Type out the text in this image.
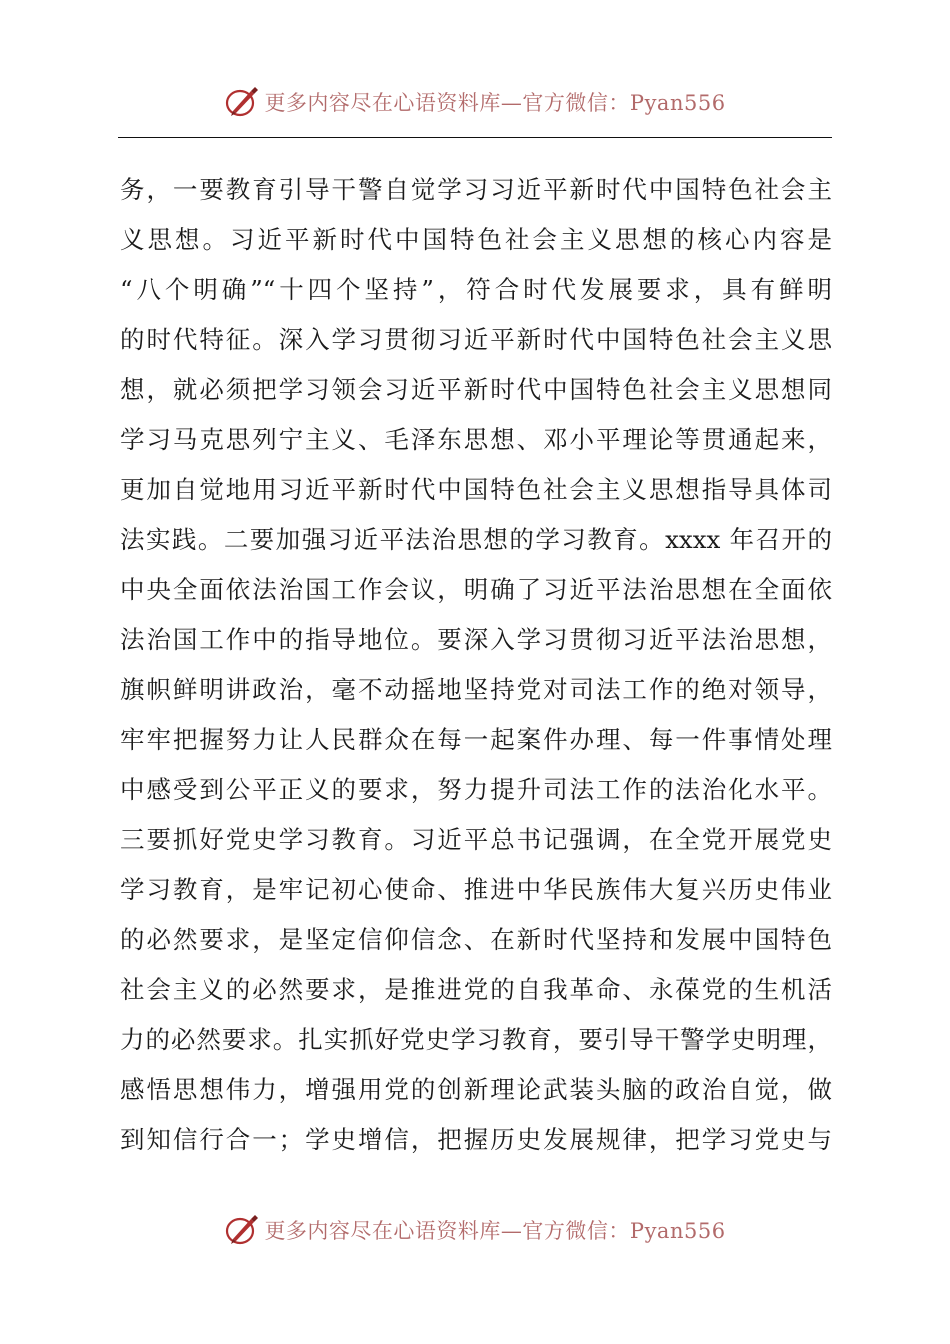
更多内容尽在心语资料库—官方微信：Pyan556
务，一要教育引导干警自觉学习习近平新时代中国特色社会主
义思想。习近平新时代中国特色社会主义思想的核心内容是
“八个明确”“十四个坚持”，符合时代发展要求，具有鲜明
的时代特征。深入学习贯彻习近平新时代中国特色社会主义思
想，就必须把学习领会习近平新时代中国特色社会主义思想同
学习马克思列宁主义、毛泽东思想、邓小平理论等贯通起来，
更加自觉地用习近平新时代中国特色社会主义思想指导具体司
法实践。二要加强习近平法治思想的学习教育。xxxx 年召开的
中央全面依法治国工作会议，明确了习近平法治思想在全面依
法治国工作中的指导地位。要深入学习贯彻习近平法治思想，
旗帜鲜明讲政治，毫不动摇地坚持党对司法工作的绝对领导，
牢牢把握努力让人民群众在每一起案件办理、每一件事情处理
中感受到公平正义的要求，努力提升司法工作的法治化水平。
三要抓好党史学习教育。习近平总书记强调，在全党开展党史
学习教育，是牢记初心使命、推进中华民族伟大复兴历史伟业
的必然要求，是坚定信仰信念、在新时代坚持和发展中国特色
社会主义的必然要求，是推进党的自我革命、永葆党的生机活
力的必然要求。扎实抓好党史学习教育，要引导干警学史明理，
感悟思想伟力，增强用党的创新理论武装头脑的政治自觉，做
到知信行合一；学史增信，把握历史发展规律，把学习党史与
更多内容尽在心语资料库—官方微信：Pyan556
